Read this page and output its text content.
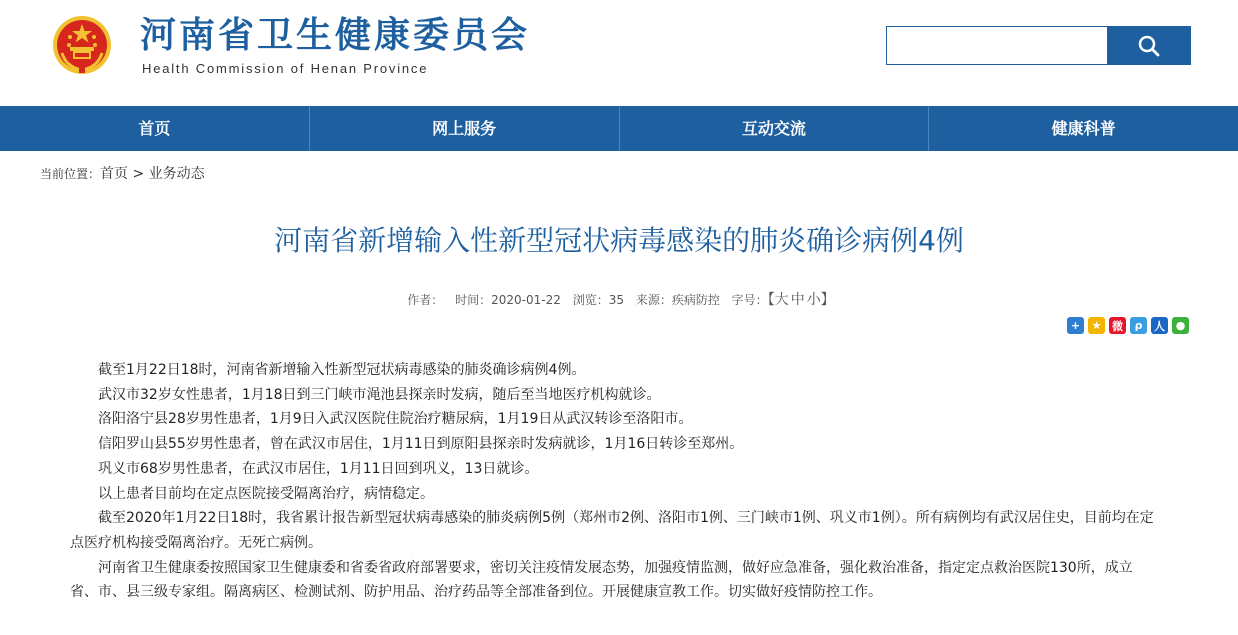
河南省卫生健康委员会
Health Commission of Henan Province
首页	网上服务	互动交流	健康科普
当前位置：首页 > 业务动态
河南省新增输入性新型冠状病毒感染的肺炎确诊病例4例
作者： 时间：2020-01-22 浏览：35 来源：疾病防控 字号：【大 中 小】
+	★ 微	ρ	人 ●

截至1月22日18时，河南省新增输入性新型冠状病毒感染的肺炎确诊病例4例。

武汉市32岁女性患者，1月18日到三门峡市渑池县探亲时发病，随后至当地医疗机构就诊。

洛阳洛宁县28岁男性患者，1月9日入武汉医院住院治疗糖尿病，1月19日从武汉转诊至洛阳市。

信阳罗山县55岁男性患者，曾在武汉市居住，1月11日到原阳县探亲时发病就诊，1月16日转诊至郑州。

巩义市68岁男性患者，在武汉市居住，1月11日回到巩义，13日就诊。

以上患者目前均在定点医院接受隔离治疗，病情稳定。

截至2020年1月22日18时，我省累计报告新型冠状病毒感染的肺炎病例5例（郑州市2例、洛阳市1例、三门峡市1例、巩义市1例）。所有病例均有武汉居住史，目前均在定点医疗机构接受隔离治疗。无死亡病例。

河南省卫生健康委按照国家卫生健康委和省委省政府部署要求，密切关注疫情发展态势，加强疫情监测，做好应急准备，强化救治准备，指定定点救治医院130所，成立省、市、县三级专家组。隔离病区、检测试剂、防护用品、治疗药品等全部准备到位。开展健康宣教工作。切实做好疫情防控工作。
